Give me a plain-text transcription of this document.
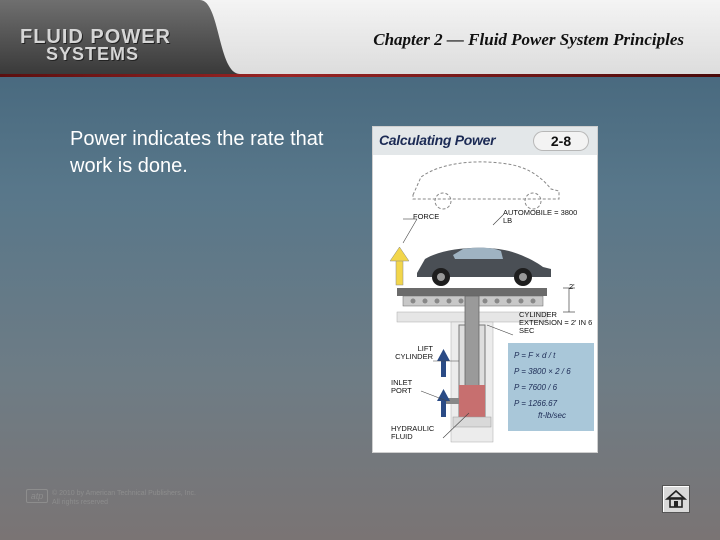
FLUID POWER
SYSTEMS
Chapter 2 — Fluid Power System Principles
Power indicates the rate that work is done.
Calculating Power	2-8
FORCE	AUTOMOBILE = 3800 LB
2'
CYLINDER EXTENSION = 2' IN 6 SEC
LIFT CYLINDER
INLET PORT
HYDRAULIC FLUID
P = F × d / t
P = 3800 × 2 / 6
P = 7600 / 6
P = 1266.67
ft-lb/sec
atp	© 2010 by American Technical Publishers, Inc.
All rights reserved
